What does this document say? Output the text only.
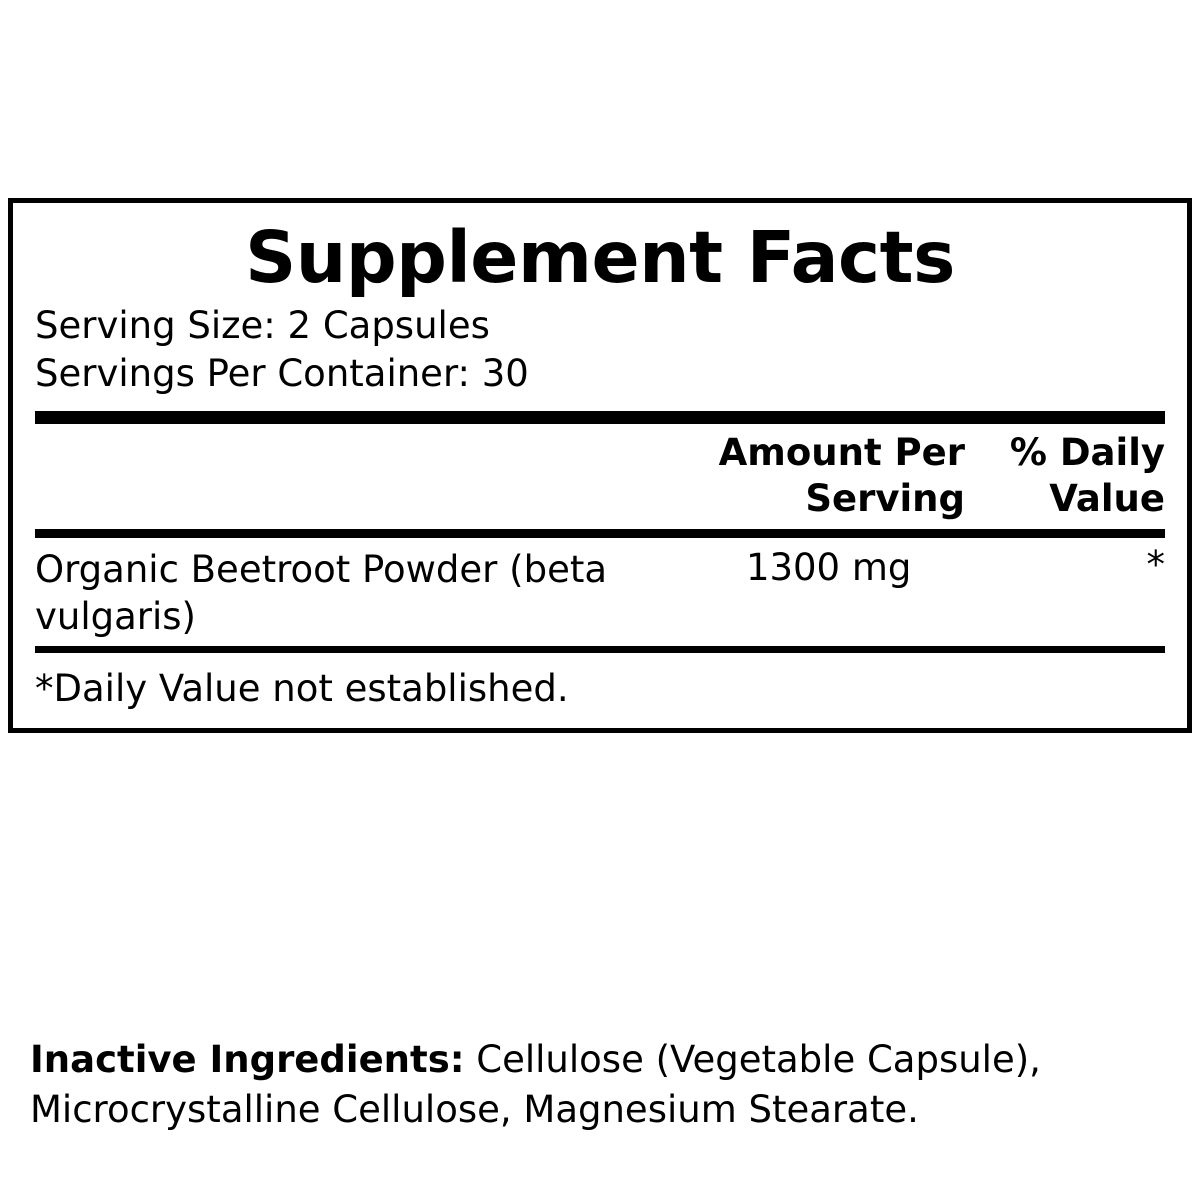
Supplement Facts
Serving Size: 2 Capsules
Servings Per Container: 30
Amount Per
Serving
% Daily
Value
Organic Beetroot Powder (beta vulgaris)
1300 mg	*
*Daily Value not established.
Inactive Ingredients: Cellulose (Vegetable Capsule), Microcrystalline Cellulose, Magnesium Stearate.
